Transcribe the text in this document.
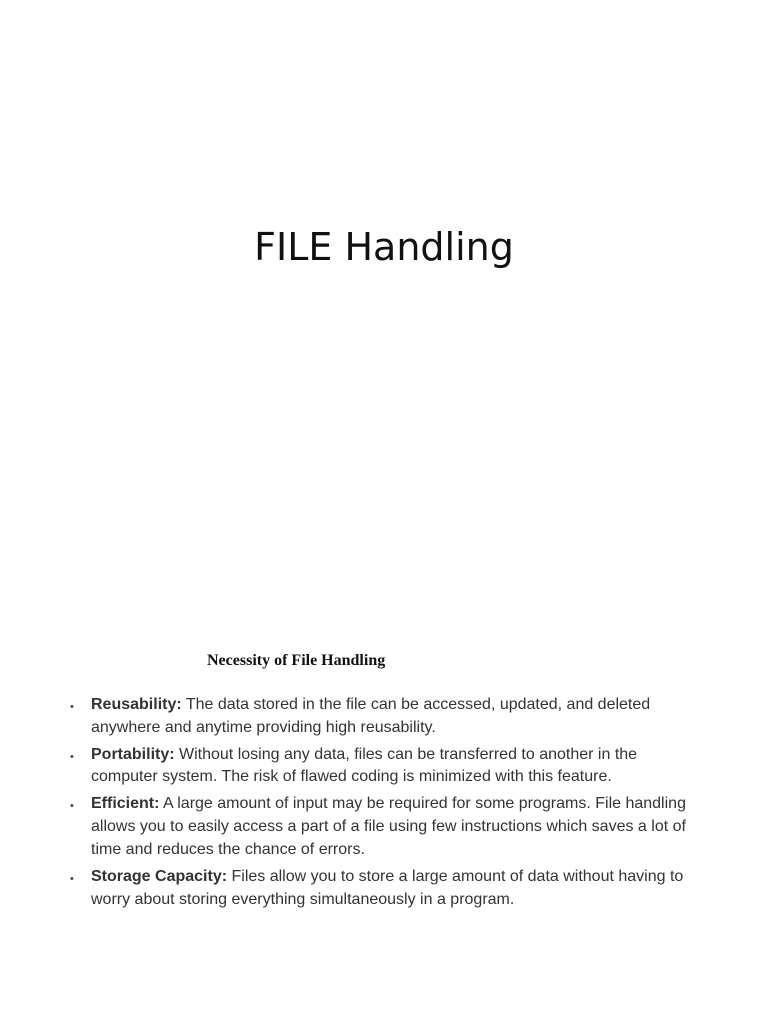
FILE Handling
Necessity of File Handling
• Reusability: The data stored in the file can be accessed, updated, and deleted anywhere and anytime providing high reusability.
• Portability: Without losing any data, files can be transferred to another in the computer system. The risk of flawed coding is minimized with this feature.
• Efficient: A large amount of input may be required for some programs. File handling allows you to easily access a part of a file using few instructions which saves a lot of time and reduces the chance of errors.
• Storage Capacity: Files allow you to store a large amount of data without having to worry about storing everything simultaneously in a program.
